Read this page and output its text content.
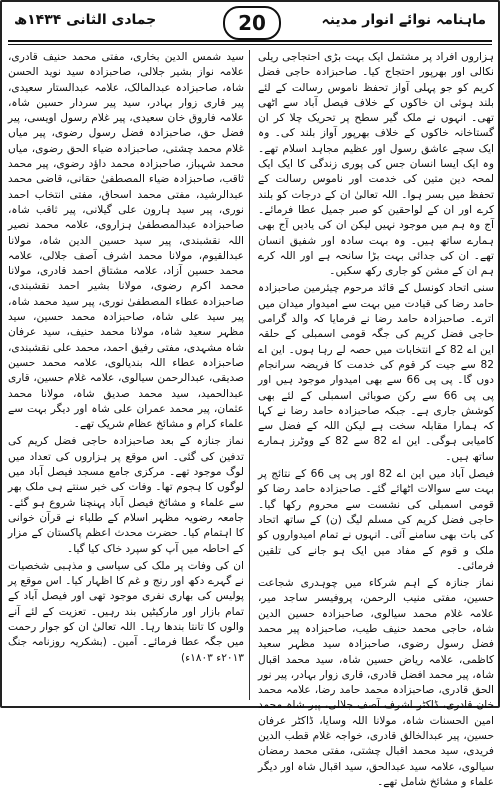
ماہنامہ نوائے انوار مدینہ
20
جمادی الثانی ۱۴۳۴ھ

ہزاروں افراد پر مشتمل ایک بہت بڑی احتجاجی ریلی نکالی اور بھرپور احتجاج کیا۔ صاحبزادہ حاجی فضل کریم کو جو پہلی آواز تحفظ ناموس رسالت کے لئے بلند ہوئی ان خاکوں کے خلاف فیصل آباد سے اٹھی تھی۔ انہوں نے ملک گیر سطح پر تحریک چلا کر ان گستاخانہ خاکوں کے خلاف بھرپور آواز بلند کی۔ وہ ایک سچے عاشق رسول اور عظیم مجاہد اسلام تھے۔ وہ ایک ایسا انسان جس کی پوری زندگی کا ایک ایک لمحہ دین متین کی خدمت اور ناموس رسالت کے تحفظ میں بسر ہوا۔ اللہ تعالیٰ ان کے درجات کو بلند کرے اور ان کے لواحقین کو صبر جمیل عطا فرمائے۔ آج وہ ہم میں موجود نہیں لیکن ان کی یادیں آج بھی ہمارے ساتھ ہیں۔ وہ بہت سادہ اور شفیق انسان تھے۔ ان کی جدائی بہت بڑا سانحہ ہے اور اللہ کرے ہم ان کے مشن کو جاری رکھ سکیں۔

سنی اتحاد کونسل کے قائد مرحوم چیئرمین صاحبزادہ حامد رضا کی قیادت میں بہت سے امیدوار میدان میں اترے۔ صاحبزادہ حامد رضا نے فرمایا کہ والد گرامی حاجی فضل کریم کی جگہ قومی اسمبلی کے حلقہ این اے 82 کے انتخابات میں حصہ لے رہا ہوں۔ این اے 82 سے جیت کر قوم کی خدمت کا فریضہ سرانجام دوں گا۔ پی پی 66 سے بھی امیدوار موجود ہیں اور پی پی 66 سے رکن صوبائی اسمبلی کے لئے بھی کوشش جاری ہے۔ جبکہ صاحبزادہ حامد رضا نے کہا کہ ہمارا مقابلہ سخت ہے لیکن اللہ کے فضل سے کامیابی ہوگی۔ این اے 82 سے 82 کے ووٹرز ہمارے ساتھ ہیں۔

فیصل آباد میں این اے 82 اور پی پی 66 کے نتائج پر بہت سے سوالات اٹھائے گئے۔ صاحبزادہ حامد رضا کو قومی اسمبلی کی نشست سے محروم رکھا گیا۔ حاجی فضل کریم کی مسلم لیگ (ن) کے ساتھ اتحاد کی بات بھی سامنے آئی۔ انہوں نے تمام امیدواروں کو ملک و قوم کے مفاد میں ایک ہو جانے کی تلقین فرمائی۔

نماز جنازہ کے اہم شرکاء میں چوہدری شجاعت حسین، مفتی منیب الرحمن، پروفیسر ساجد میر، علامہ غلام محمد سیالوی، صاحبزادہ حسین الدین شاہ، حاجی محمد حنیف طیب، صاحبزادہ پیر محمد فضل رسول رضوی، صاحبزادہ سید مظہر سعید کاظمی، علامہ ریاض حسین شاہ، سید محمد اقبال شاہ، پیر محمد افضل قادری، قاری زوار بہادر، پیر نور الحق قادری، صاحبزادہ محمد حامد رضا، علامہ محمد خان قادری، ڈاکٹر اشرف آصف جلالی، پیر شاہ محمد امین الحسنات شاہ، مولانا اللہ وسایا، ڈاکٹر عرفان حسین، پیر عبدالخالق قادری، خواجہ غلام قطب الدین فریدی، سید محمد اقبال چشتی، مفتی محمد رمضان سیالوی، علامہ سید عبدالحق، سید اقبال شاہ اور دیگر علماء و مشائخ شامل تھے۔

سید شمس الدین بخاری، مفتی محمد حنیف قادری، علامہ نواز بشیر جلالی، صاحبزادہ سید نوید الحسن شاہ، صاحبزادہ عبدالمالک، علامہ عبدالستار سعیدی، پیر قاری زوار بہادر، سید پیر سردار حسین شاہ، علامہ فاروق خان سعیدی، پیر غلام رسول اویسی، پیر فضل حق، صاحبزادہ فضل رسول رضوی، پیر میاں غلام محمد چشتی، صاحبزادہ ضیاء الحق رضوی، میاں محمد شہباز، صاحبزادہ محمد داؤد رضوی، پیر محمد ثاقب، صاحبزادہ ضیاء المصطفیٰ حقانی، قاضی محمد عبدالرشید، مفتی محمد اسحاق، مفتی انتخاب احمد نوری، پیر سید ہارون علی گیلانی، پیر ثاقب شاہ، صاحبزادہ عبدالمصطفیٰ ہزاروی، علامہ محمد نصیر اللہ نقشبندی، پیر سید حسین الدین شاہ، مولانا عبدالقیوم، مولانا محمد اشرف آصف جلالی، علامہ محمد حسین آزاد، علامہ مشتاق احمد قادری، مولانا محمد اکرم رضوی، مولانا بشیر احمد نقشبندی، صاحبزادہ عطاء المصطفیٰ نوری، پیر سید محمد شاہ، پیر سید علی شاہ، صاحبزادہ محمد حسین، سید مظہر سعید شاہ، مولانا محمد حنیف، سید عرفان شاہ مشہدی، مفتی رفیق احمد، محمد علی نقشبندی، صاحبزادہ عطاء اللہ بندیالوی، علامہ محمد حسین صدیقی، عبدالرحمن سیالوی، علامہ غلام حسین، قاری عبدالحمید، سید محمد صدیق شاہ، مولانا محمد عثمان، پیر محمد عمران علی شاہ اور دیگر بہت سے علماء کرام و مشائخ عظام شریک تھے۔

نماز جنازہ کے بعد صاحبزادہ حاجی فضل کریم کی تدفین کی گئی۔ اس موقع پر ہزاروں کی تعداد میں لوگ موجود تھے۔ مرکزی جامع مسجد فیصل آباد میں لوگوں کا ہجوم تھا۔ وفات کی خبر سنتے ہی ملک بھر سے علماء و مشائخ فیصل آباد پہنچنا شروع ہو گئے۔ جامعہ رضویہ مظہر اسلام کے طلباء نے قرآن خوانی کا اہتمام کیا۔ حضرت محدث اعظم پاکستان کے مزار کے احاطہ میں آپ کو سپرد خاک کیا گیا۔

ان کی وفات پر ملک کی سیاسی و مذہبی شخصیات نے گہرے دکھ اور رنج و غم کا اظہار کیا۔ اس موقع پر پولیس کی بھاری نفری موجود تھی اور فیصل آباد کے تمام بازار اور مارکیٹیں بند رہیں۔ تعزیت کے لئے آنے والوں کا تانتا بندھا رہا۔ اللہ تعالیٰ ان کو جوار رحمت میں جگہ عطا فرمائے۔ آمین۔ (بشکریہ روزنامہ جنگ ۲۰۱۳ء ۱۸۰۳ء)
